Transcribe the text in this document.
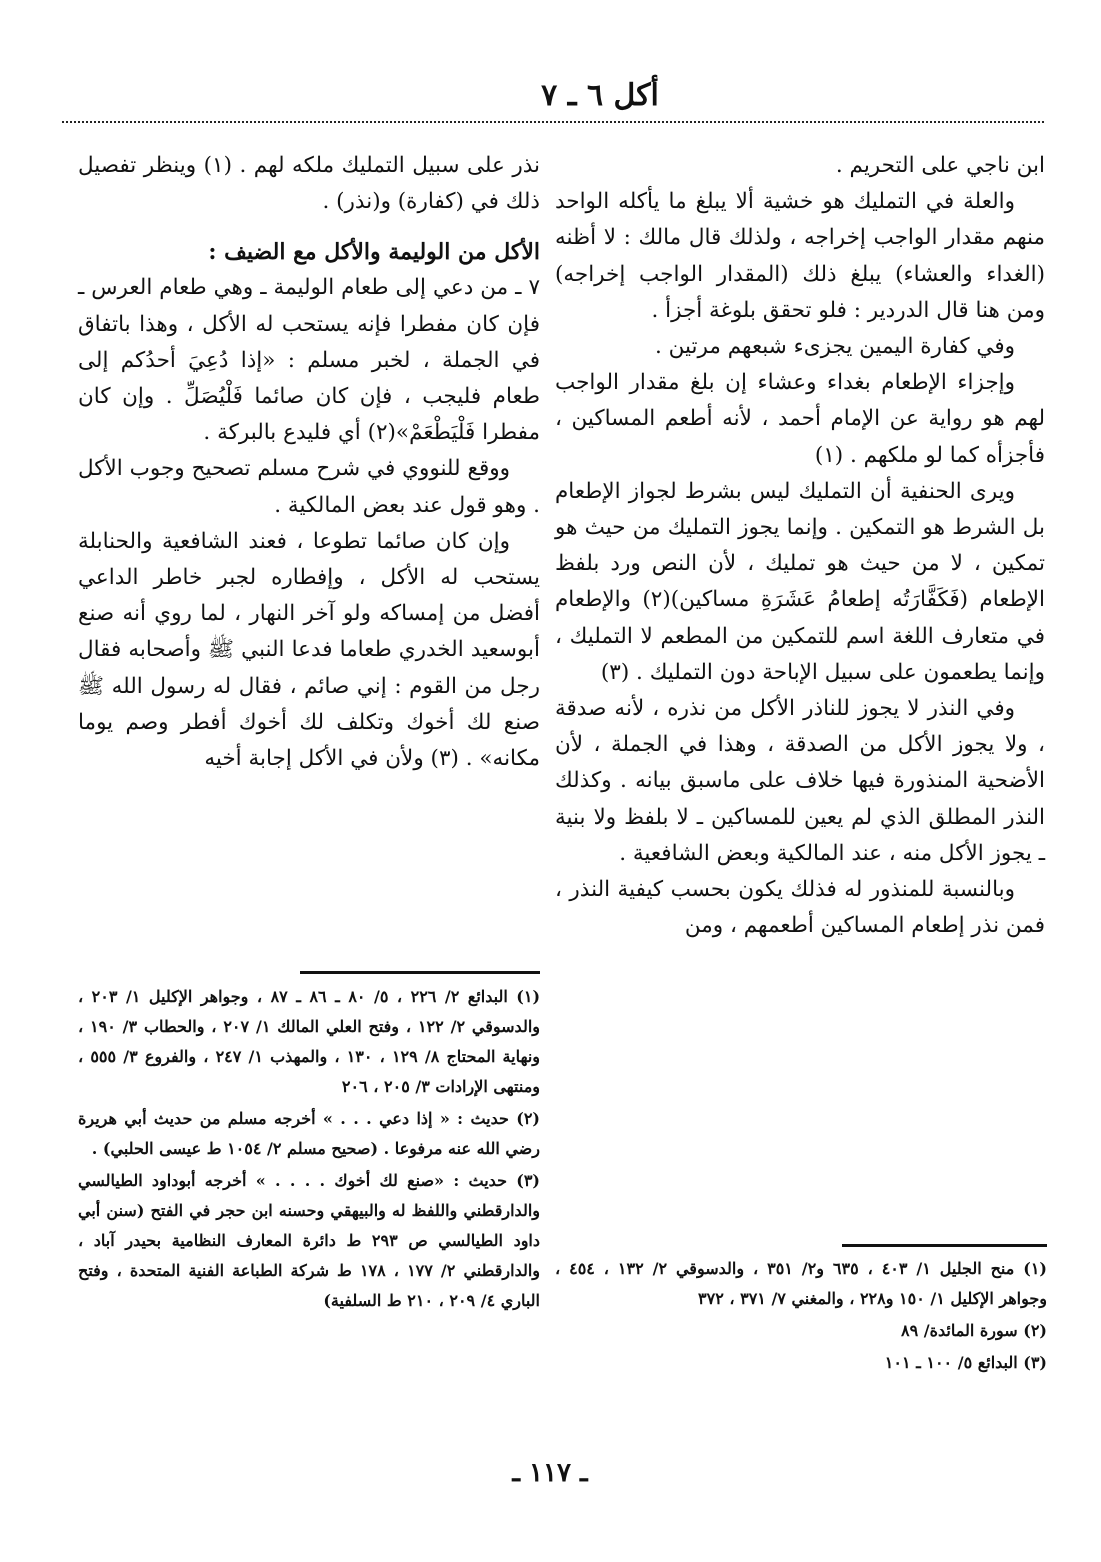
أكل ٦ ـ ٧

ابن ناجي على التحريم .

والعلة في التمليك هو خشية ألا يبلغ ما يأكله الواحد منهم مقدار الواجب إخراجه ، ولذلك قال مالك : لا أظنه (الغداء والعشاء) يبلغ ذلك (المقدار الواجب إخراجه) ومن هنا قال الدردير : فلو تحقق بلوغة أجزأ .

وفي كفارة اليمين يجزىء شبعهم مرتين .

وإجزاء الإطعام بغداء وعشاء إن بلغ مقدار الواجب لهم هو رواية عن الإمام أحمد ، لأنه أطعم المساكين ، فأجزأه كما لو ملكهم . (١)

ويرى الحنفية أن التمليك ليس بشرط لجواز الإطعام بل الشرط هو التمكين . وإنما يجوز التمليك من حيث هو تمكين ، لا من حيث هو تمليك ، لأن النص ورد بلفظ الإطعام (فَكَفَّارَتُه إطعامُ عَشَرَةِ مساكين)(٢) والإطعام في متعارف اللغة اسم للتمكين من المطعم لا التمليك ، وإنما يطعمون على سبيل الإباحة دون التمليك . (٣)

وفي النذر لا يجوز للناذر الأكل من نذره ، لأنه صدقة ، ولا يجوز الأكل من الصدقة ، وهذا في الجملة ، لأن الأضحية المنذورة فيها خلاف على ماسبق بيانه . وكذلك النذر المطلق الذي لم يعين للمساكين ـ لا بلفظ ولا بنية ـ يجوز الأكل منه ، عند المالكية وبعض الشافعية .

وبالنسبة للمنذور له فذلك يكون بحسب كيفية النذر ، فمن نذر إطعام المساكين أطعمهم ، ومن

نذر على سبيل التمليك ملكه لهم . (١) وينظر تفصيل ذلك في (كفارة) و(نذر) .

الأكل من الوليمة والأكل مع الضيف :

٧ ـ من دعي إلى طعام الوليمة ـ وهي طعام العرس ـ فإن كان مفطرا فإنه يستحب له الأكل ، وهذا باتفاق في الجملة ، لخبر مسلم : «إذا دُعِيَ أحدُكم إلى طعام فليجب ، فإن كان صائما فَلْيُصَلِّ . وإن كان مفطرا فَلْيَطْعَمْ»(٢) أي فليدع بالبركة .

ووقع للنووي في شرح مسلم تصحيح وجوب الأكل . وهو قول عند بعض المالكية .

وإن كان صائما تطوعا ، فعند الشافعية والحنابلة يستحب له الأكل ، وإفطاره لجبر خاطر الداعي أفضل من إمساكه ولو آخر النهار ، لما روي أنه صنع أبوسعيد الخدري طعاما فدعا النبي ﷺ وأصحابه فقال رجل من القوم : إني صائم ، فقال له رسول الله ﷺ صنع لك أخوك وتكلف لك أخوك أفطر وصم يوما مكانه» . (٣) ولأن في الأكل إجابة أخيه

(١) منح الجليل ١/ ٤٠٣ ، ٦٣٥ و٢/ ٣٥١ ، والدسوقي ٢/ ١٣٢ ، ٤٥٤ ، وجواهر الإكليل ١/ ١٥٠ و٢٢٨ ، والمغني ٧/ ٣٧١ ، ٣٧٢

(٢) سورة المائدة/ ٨٩

(٣) البدائع ٥/ ١٠٠ ـ ١٠١

(١) البدائع ٢/ ٢٢٦ ، ٥/ ٨٠ ـ ٨٦ ـ ٨٧ ، وجواهر الإكليل ١/ ٢٠٣ ، والدسوقي ٢/ ١٢٢ ، وفتح العلي المالك ١/ ٢٠٧ ، والحطاب ٣/ ١٩٠ ، ونهاية المحتاج ٨/ ١٢٩ ، ١٣٠ ، والمهذب ١/ ٢٤٧ ، والفروع ٣/ ٥٥٥ ، ومنتهى الإرادات ٣/ ٢٠٥ ، ٢٠٦

(٢) حديث : « إذا دعي . . . » أخرجه مسلم من حديث أبي هريرة رضي الله عنه مرفوعا . (صحيح مسلم ٢/ ١٠٥٤ ط عيسى الحلبي) .

(٣) حديث : «صنع لك أخوك . . . . » أخرجه أبوداود الطيالسي والدارقطني واللفظ له والبيهقي وحسنه ابن حجر في الفتح (سنن أبي داود الطيالسي ص ٢٩٣ ط دائرة المعارف النظامية بحيدر آباد ، والدارقطني ٢/ ١٧٧ ، ١٧٨ ط شركة الطباعة الفنية المتحدة ، وفتح الباري ٤/ ٢٠٩ ، ٢١٠ ط السلفية)

ـ ١١٧ ـ
